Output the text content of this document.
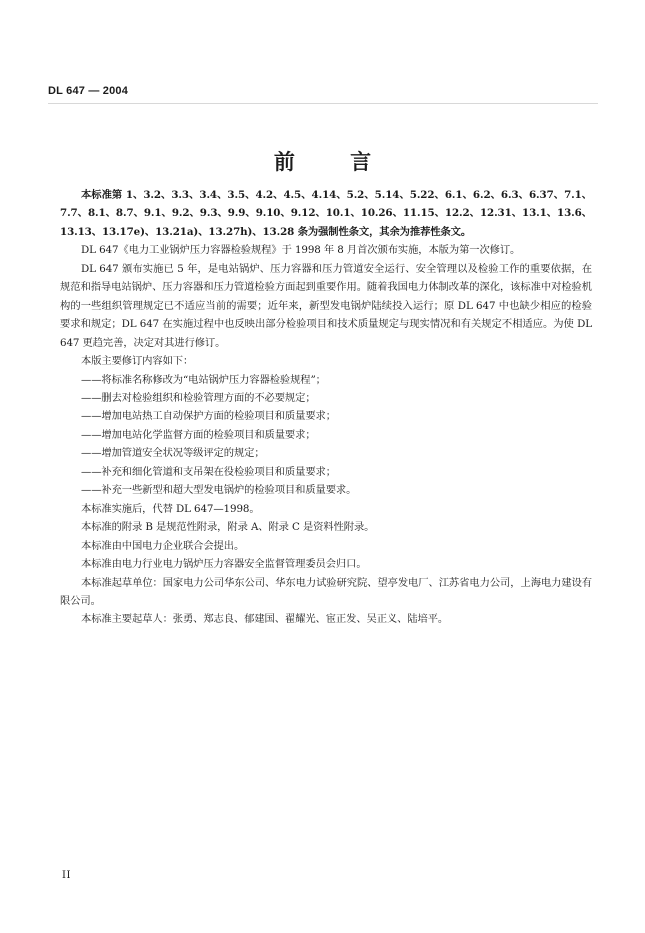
DL 647 — 2004
前 言

本标准第 1、3.2、3.3、3.4、3.5、4.2、4.5、4.14、5.2、5.14、5.22、6.1、6.2、6.3、6.37、7.1、7.7、8.1、8.7、9.1、9.2、9.3、9.9、9.10、9.12、10.1、10.26、11.15、12.2、12.31、13.1、13.6、13.13、13.17e)、13.21a)、13.27h)、13.28 条为强制性条文，其余为推荐性条文。

DL 647《电力工业锅炉压力容器检验规程》于 1998 年 8 月首次颁布实施，本版为第一次修订。

DL 647 颁布实施已 5 年，是电站锅炉、压力容器和压力管道安全运行、安全管理以及检验工作的重要依据，在规范和指导电站锅炉、压力容器和压力管道检验方面起到重要作用。随着我国电力体制改革的深化，该标准中对检验机构的一些组织管理规定已不适应当前的需要；近年来，新型发电锅炉陆续投入运行；原 DL 647 中也缺少相应的检验要求和规定；DL 647 在实施过程中也反映出部分检验项目和技术质量规定与现实情况和有关规定不相适应。为使 DL 647 更趋完善，决定对其进行修订。

本版主要修订内容如下：

——将标准名称修改为“电站锅炉压力容器检验规程”；

——删去对检验组织和检验管理方面的不必要规定；

——增加电站热工自动保护方面的检验项目和质量要求；

——增加电站化学监督方面的检验项目和质量要求；

——增加管道安全状况等级评定的规定；

——补充和细化管道和支吊架在役检验项目和质量要求；

——补充一些新型和超大型发电锅炉的检验项目和质量要求。

本标准实施后，代替 DL 647—1998。

本标准的附录 B 是规范性附录，附录 A、附录 C 是资料性附录。

本标准由中国电力企业联合会提出。

本标准由电力行业电力锅炉压力容器安全监督管理委员会归口。

本标准起草单位：国家电力公司华东公司、华东电力试验研究院、望亭发电厂、江苏省电力公司，上海电力建设有限公司。

本标准主要起草人：张勇、郑志良、郁建国、翟耀光、宦正发、吴正义、陆培平。

II
